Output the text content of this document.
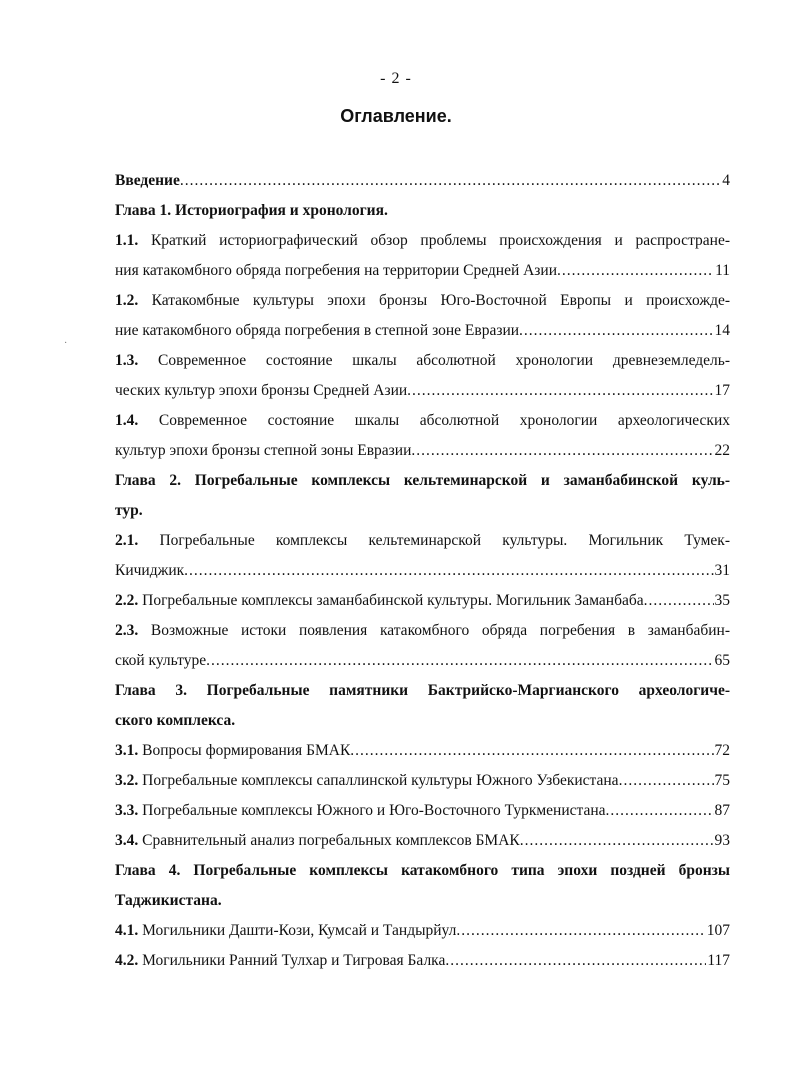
- 2 -
Оглавление.
·
Введение .....	4
Глава 1. Историография и хронология.
1.1. Краткий историографический обзор проблемы происхождения и распростране-
ния катакомбного обряда погребения на территории Средней Азии .....	11
1.2. Катакомбные культуры эпохи бронзы Юго-Восточной Европы и происхожде-
ние катакомбного обряда погребения в степной зоне Евразии .....	14
1.3. Современное состояние шкалы абсолютной хронологии древнеземледель-
ческих культур эпохи бронзы Средней Азии .....	17
1.4. Современное состояние шкалы абсолютной хронологии археологических
культур эпохи бронзы степной зоны Евразии .....	22
Глава 2. Погребальные комплексы кельтеминарской и заманбабинской куль-
тур.
2.1. Погребальные комплексы кельтеминарской культуры. Могильник Тумек-
Кичиджик .....	31
2.2. Погребальные комплексы заманбабинской культуры. Могильник Заманбаба .....	35
2.3. Возможные истоки появления катакомбного обряда погребения в заманбабин-
ской культуре .....	65
Глава 3. Погребальные памятники Бактрийско-Маргианского археологиче-
ского комплекса.
3.1. Вопросы формирования БМАК .....	72
3.2. Погребальные комплексы сапаллинской культуры Южного Узбекистана .....	75
3.3. Погребальные комплексы Южного и Юго-Восточного Туркменистана .....	87
3.4. Сравнительный анализ погребальных комплексов БМАК .....	93
Глава 4. Погребальные комплексы катакомбного типа эпохи поздней бронзы
Таджикистана.
4.1. Могильники Дашти-Кози, Кумсай и Тандырйул .....	107
4.2. Могильники Ранний Тулхар и Тигровая Балка .....	117
